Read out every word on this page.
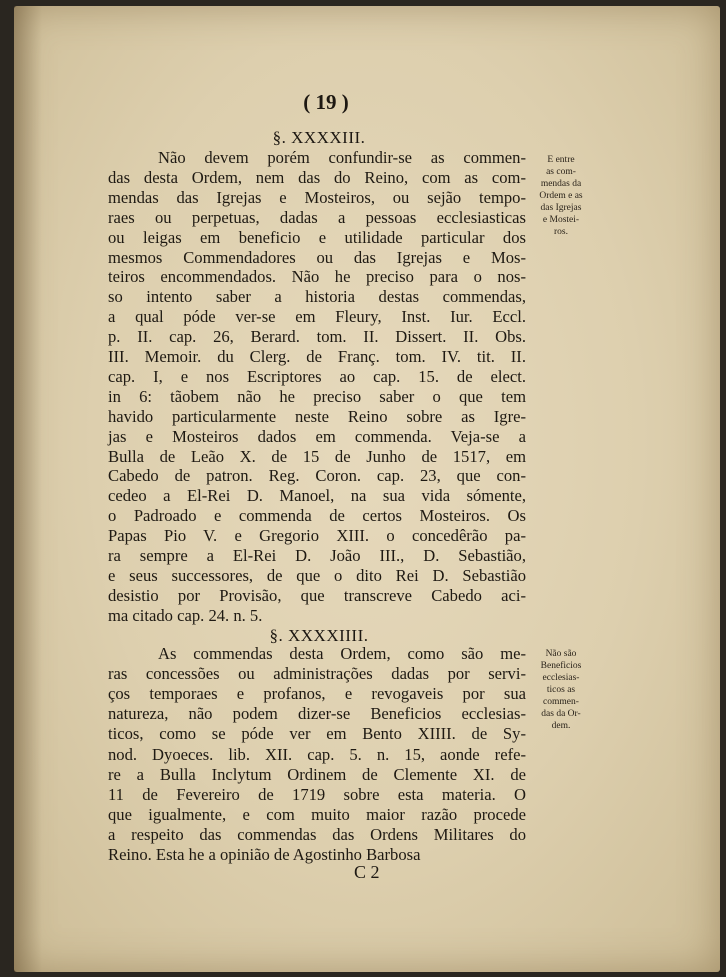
( 19 )
§. XXXXIII.
Não devem porém confundir-se as commen-
das desta Ordem, nem das do Reino, com as com-
mendas das Igrejas e Mosteiros, ou sejão tempo-
raes ou perpetuas, dadas a pessoas ecclesiasticas
ou leigas em beneficio e utilidade particular dos
mesmos Commendadores ou das Igrejas e Mos-
teiros encommendados. Não he preciso para o nos-
so intento saber a historia destas commendas,
a qual póde ver-se em Fleury, Inst. Iur. Eccl.
p. II. cap. 26, Berard. tom. II. Dissert. II. Obs.
III. Memoir. du Clerg. de Franç. tom. IV. tit. II.
cap. I, e nos Escriptores ao cap. 15. de elect.
in 6: tãobem não he preciso saber o que tem
havido particularmente neste Reino sobre as Igre-
jas e Mosteiros dados em commenda. Veja-se a
Bulla de Leão X. de 15 de Junho de 1517, em
Cabedo de patron. Reg. Coron. cap. 23, que con-
cedeo a El-Rei D. Manoel, na sua vida sómente,
o Padroado e commenda de certos Mosteiros. Os
Papas Pio V. e Gregorio XIII. o concedêrão pa-
ra sempre a El-Rei D. João III., D. Sebastião,
e seus successores, de que o dito Rei D. Sebastião
desistio por Provisão, que transcreve Cabedo aci-
ma citado cap. 24. n. 5.
E entre
as com-
mendas da
Ordem e as
das Igrejas
e Mostei-
ros.
§. XXXXIIII.
As commendas desta Ordem, como são me-
ras concessões ou administrações dadas por servi-
ços temporaes e profanos, e revogaveis por sua
natureza, não podem dizer-se Beneficios ecclesias-
ticos, como se póde ver em Bento XIIII. de Sy-
nod. Dyoeces. lib. XII. cap. 5. n. 15, aonde refe-
re a Bulla Inclytum Ordinem de Clemente XI. de
11 de Fevereiro de 1719 sobre esta materia. O
que igualmente, e com muito maior razão procede
a respeito das commendas das Ordens Militares do
Reino. Esta he a opinião de Agostinho Barbosa
Não são
Beneficios
ecclesias-
ticos as
commen-
das da Or-
dem.
C 2
